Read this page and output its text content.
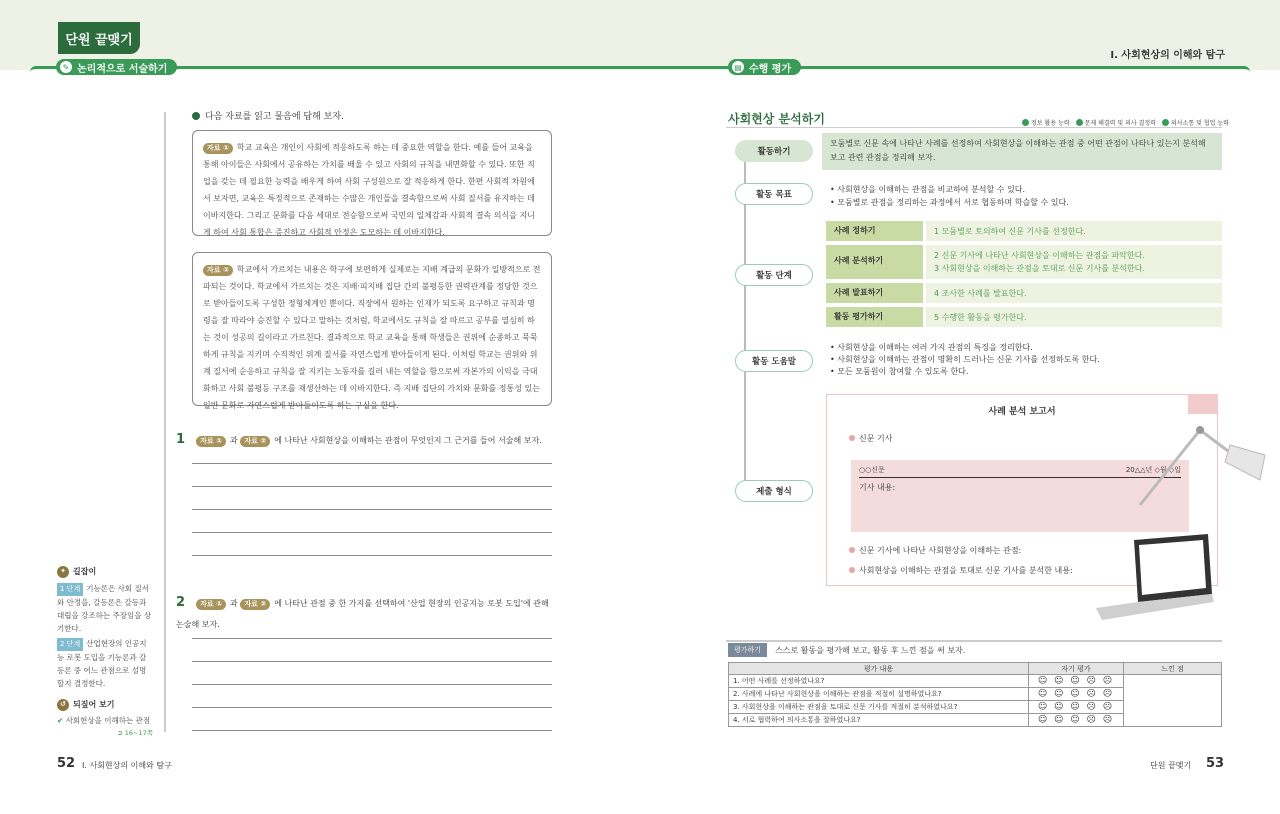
단원 끝맺기
✎ 논리적으로 서술하기	▤ 수행 평가
Ⅰ. 사회현상의 이해와 탐구
다음 자료를 읽고 물음에 답해 보자.
자료 ① 학교 교육은 개인이 사회에 적응하도록 하는 데 중요한 역할을 한다. 예를 들어 교육을 통해 아이들은 사회에서 공유하는 가치를 배울 수 있고 사회의 규칙을 내면화할 수 있다. 또한 직업을 갖는 데 필요한 능력을 배우게 하여 사회 구성원으로 잘 적응하게 한다. 한편 사회적 차원에서 보자면, 교육은 특정적으로 존재하는 수많은 개인들을 결속함으로써 사회 질서를 유지하는 데 이바지한다. 그리고 문화를 다음 세대로 전승함으로써 국민의 일체감과 사회적 결속 의식을 지니게 하여 사회 통합은 증진하고 사회적 안정은 도모하는 데 이바지한다.
자료 ② 학교에서 가르치는 내용은 학구에 보편하게 실제로는 지배 계급의 문화가 일방적으로 전파되는 것이다. 학교에서 가르치는 것은 지배·피지배 집단 간의 불평등한 권력관계를 정당한 것으로 받아들이도록 구성한 정형체계인 뿐이다. 직장에서 원하는 인재가 되도록 요구하고 규칙과 명령을 잘 따라야 승진할 수 있다고 말하는 것처럼, 학교에서도 규칙을 잘 따르고 공부를 열심히 하는 것이 성공의 길이라고 가르친다. 결과적으로 학교 교육을 통해 학생들은 권위에 순종하고 묵묵하게 규칙을 지키며 수직적인 위계 질서를 자연스럽게 받아들이게 된다. 이처럼 학교는 권위와 위계 질서에 순응하고 규칙을 잘 지키는 노동자를 길러 내는 역할을 함으로써 자본가의 이익을 극대화하고 사회 불평등 구조를 재생산하는 데 이바지한다. 즉 지배 집단의 가치와 문화를 정통성 있는 일반 문화로 자연스럽게 받아들이도록 하는 구실을 한다.
1 자료 ① 과 자료 ② 에 나타난 사회현상을 이해하는 관점이 무엇인지 그 근거를 들어 서술해 보자.
2 자료 ① 과 자료 ② 에 나타난 관점 중 한 가지를 선택하여 '산업 현장의 인공지능 로봇 도입'에 관해 논술해 보자.
✦ 길잡이
1 단계 기능론은 사회 질서와 안정을, 갈등론은 갈등과 대립을 강조하는 주장임을 상기한다.
2 단계 산업현장의 인공지능 로봇 도입을 기능론과 갈등론 중 어느 관점으로 설명할지 결정한다.
↺ 되짚어 보기
✔ 사회현상을 이해하는 관점
➲ 16~17쪽
52 Ⅰ. 사회현상의 이해와 탐구
사회현상 분석하기	정보 활용 능력	문제 해결력 및 의사 결정력	의사소통 및 협업 능력
활동하기
모둠별로 신문 속에 나타난 사례를 선정하여 사회현상을 이해하는 관점 중 어떤 관점이 나타나 있는지 분석해 보고 관련 관점을 정리해 보자.
활동 목표
• 사회현상을 이해하는 관점을 비교하여 분석할 수 있다.
• 모둠별로 관점을 정리하는 과정에서 서로 협동하며 학습할 수 있다.
활동 단계
사례 정하기	1 모둠별로 토의하여 신문 기사를 선정한다.
사례 분석하기
2 신문 기사에 나타난 사회현상을 이해하는 관점을 파악한다.
3 사회현상을 이해하는 관점을 토대로 신문 기사를 분석한다.
사례 발표하기	4 조사한 사례를 발표한다.
활동 평가하기	5 수행한 활동을 평가한다.
활동 도움말
• 사회현상을 이해하는 여러 가지 관점의 특징을 정리한다.
• 사회현상을 이해하는 관점이 명확히 드러나는 신문 기사를 선정하도록 한다.
• 모든 모둠원이 참여할 수 있도록 한다.
제출 형식
사례 분석 보고서
신문 기사
○○신문	20△△년 ◇월 ◇일
기사 내용:
신문 기사에 나타난 사회현상을 이해하는 관점:
사회현상을 이해하는 관점을 토대로 신문 기사를 분석한 내용:
평가하기	스스로 활동을 평가해 보고, 활동 후 느낀 점을 써 보자.
평가 내용	자기 평가	느낀 점
1. 어떤 사례를 선정하였나요?	☺ ☺ ☺ ☹ ☹	
2. 사례에 나타난 사회현상을 이해하는 관점을 적절히 설명하였나요?	☺ ☺ ☺ ☹ ☹	
3. 사회현상을 이해하는 관점을 토대로 신문 기사를 적절히 분석하였나요?	☺ ☺ ☺ ☹ ☹	
4. 서로 협력하여 의사소통을 잘하였나요?	☺ ☺ ☺ ☹ ☹	
단원 끝맺기 53
